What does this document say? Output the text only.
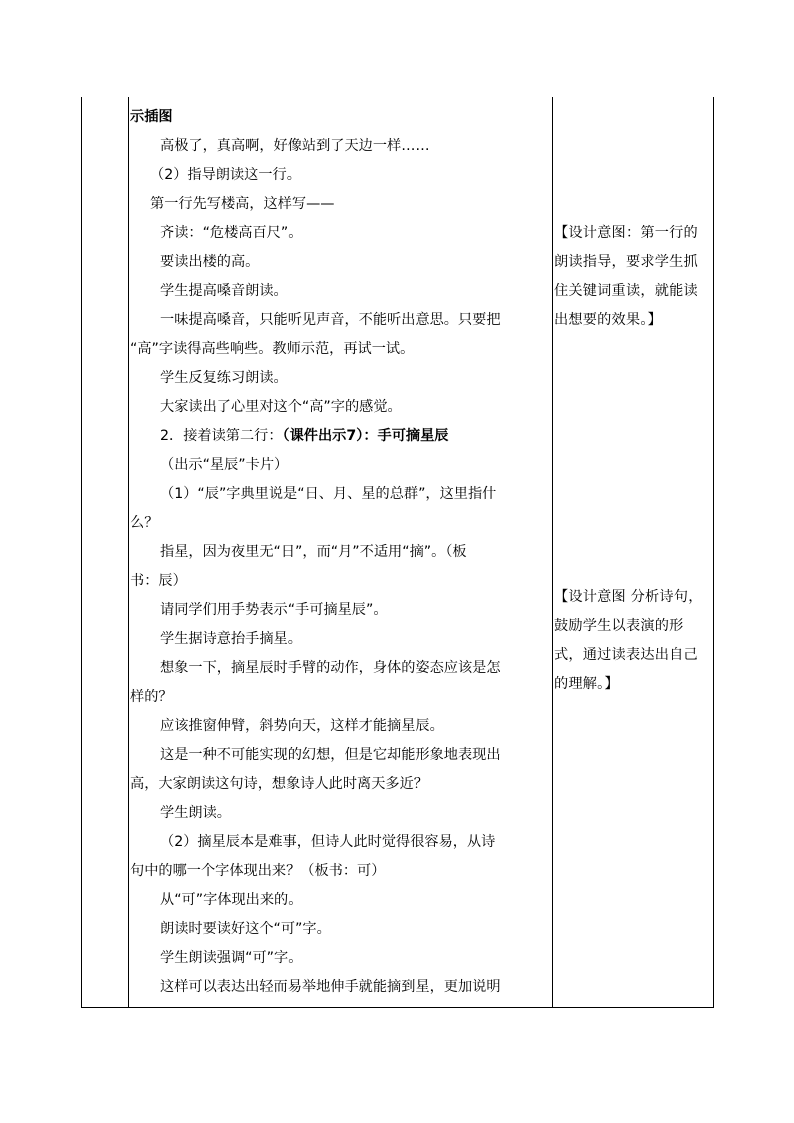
示插图
高极了，真高啊，好像站到了天边一样……
（2）指导朗读这一行。
第一行先写楼高，这样写——
齐读：“危楼高百尺”。
要读出楼的高。
学生提高嗓音朗读。
一味提高嗓音，只能听见声音，不能听出意思。只要把
“高”字读得高些响些。教师示范，再试一试。
学生反复练习朗读。
大家读出了心里对这个“高”字的感觉。
2．接着读第二行：（课件出示7）：手可摘星辰
（出示“星辰”卡片）
（1）“辰”字典里说是“日、月、星的总群”，这里指什
么？
指星，因为夜里无“日”，而“月”不适用“摘”。（板
书：辰）
请同学们用手势表示“手可摘星辰”。
学生据诗意抬手摘星。
想象一下，摘星辰时手臂的动作，身体的姿态应该是怎
样的？
应该推窗伸臂，斜势向天，这样才能摘星辰。
这是一种不可能实现的幻想，但是它却能形象地表现出
高，大家朗读这句诗，想象诗人此时离天多近？
学生朗读。
（2）摘星辰本是难事，但诗人此时觉得很容易，从诗
句中的哪一个字体现出来？（板书：可）
从“可”字体现出来的。
朗读时要读好这个“可”字。
学生朗读强调“可”字。
这样可以表达出轻而易举地伸手就能摘到星，更加说明
【设计意图：第一行的
朗读指导，要求学生抓
住关键词重读，就能读
出想要的效果。】
【设计意图 分析诗句，
鼓励学生以表演的形
式，通过读表达出自己
的理解。】
